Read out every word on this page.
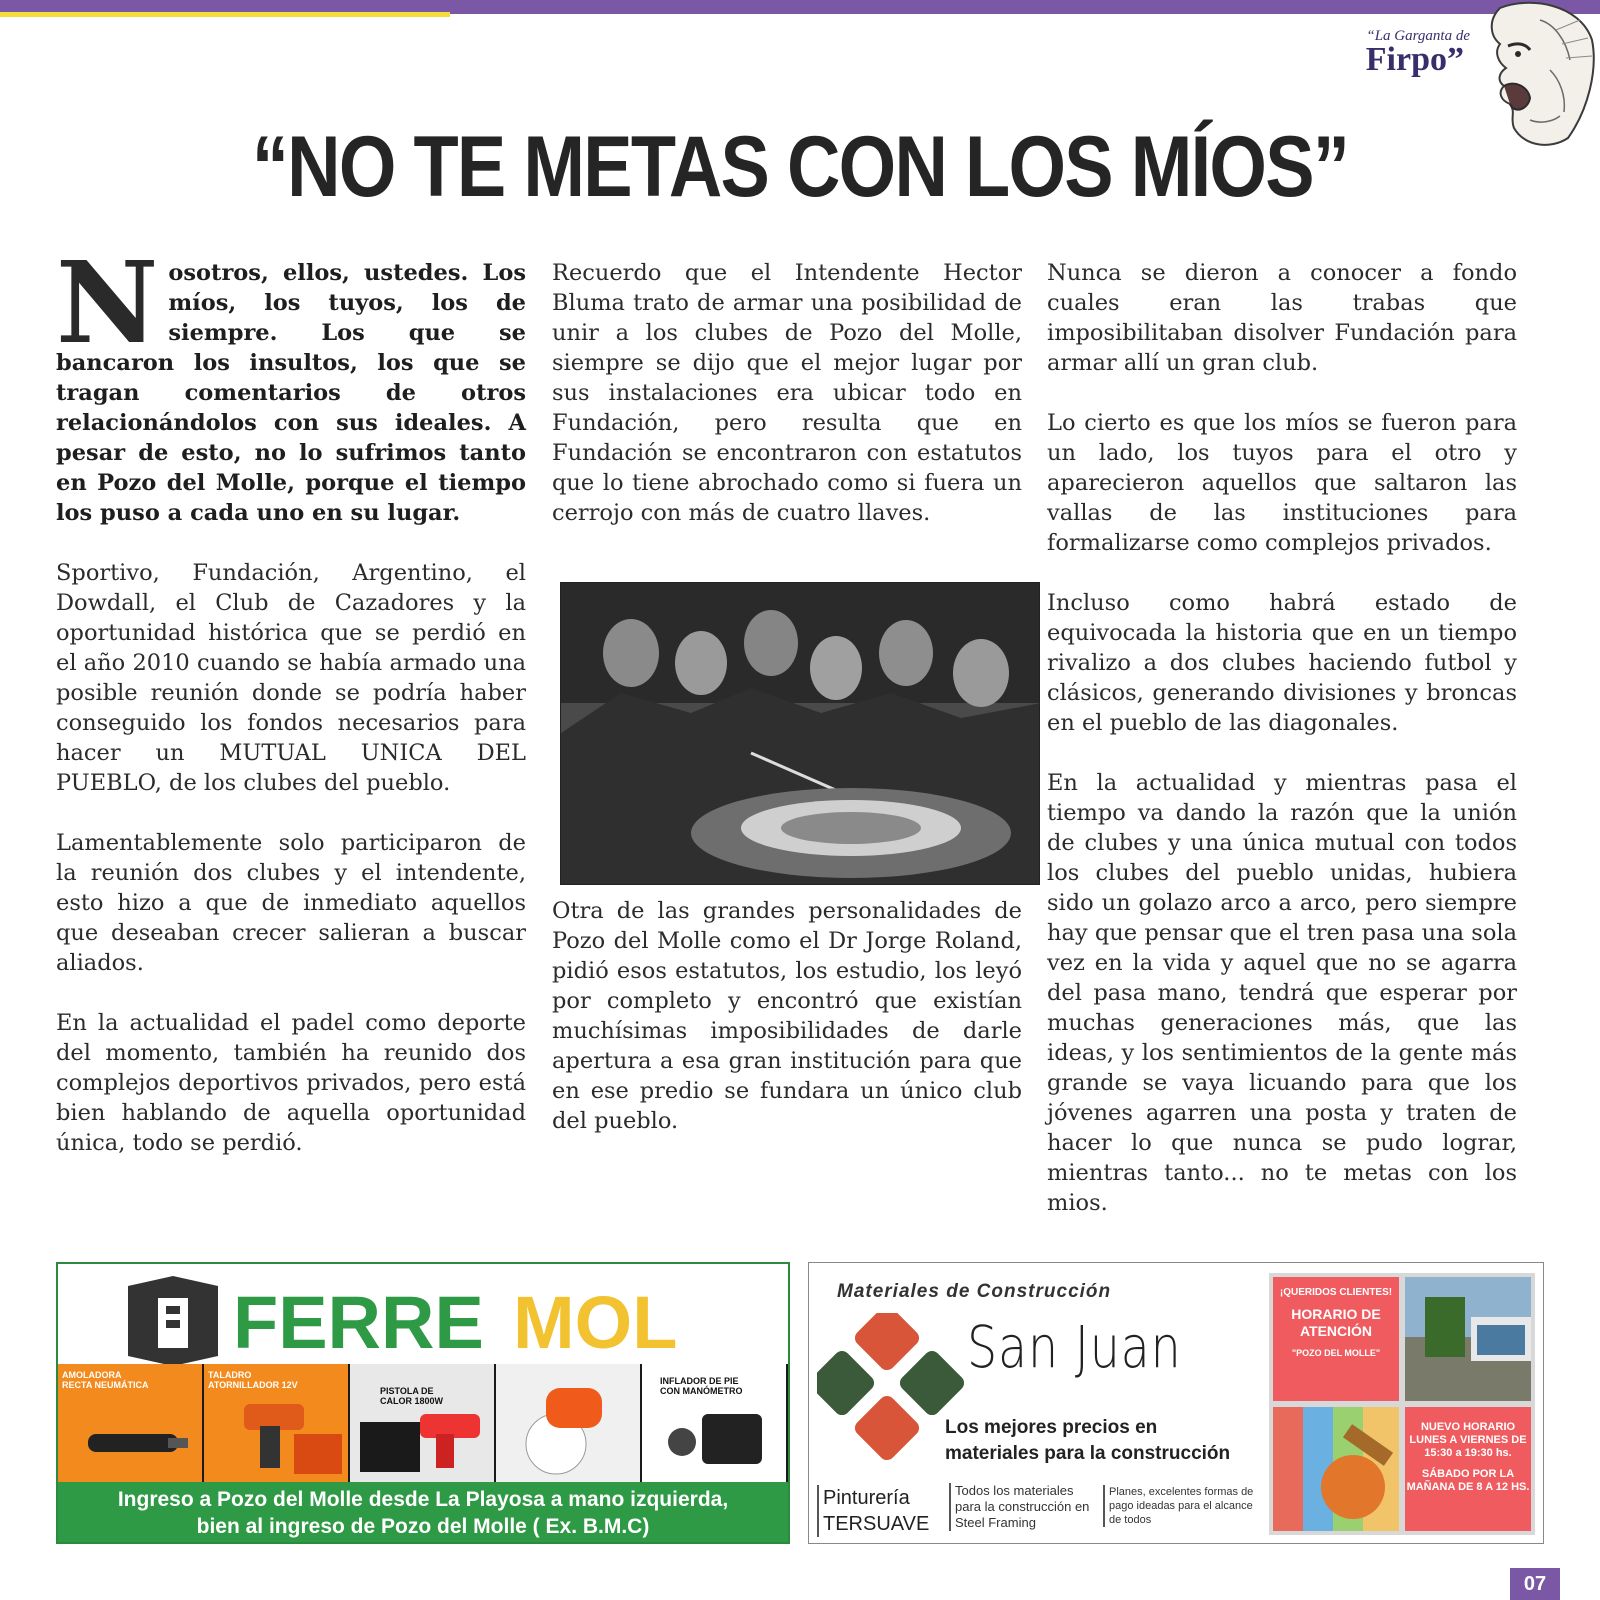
“La Garganta de
Firpo”
“NO TE METAS CON LOS MÍOS”

Nosotros, ellos, ustedes. Los míos, los tuyos, los de siempre. Los que se bancaron los insultos, los que se tragan comentarios de otros relacionándolos con sus ideales. A pesar de esto, no lo sufrimos tanto en Pozo del Molle, porque el tiempo los puso a cada uno en su lugar.

Sportivo, Fundación, Argentino, el Dowdall, el Club de Cazadores y la oportunidad histórica que se perdió en el año 2010 cuando se había armado una posible reunión donde se podría haber conseguido los fondos necesarios para hacer un MUTUAL UNICA DEL PUEBLO, de los clubes del pueblo.

Lamentablemente solo participaron de la reunión dos clubes y el intendente, esto hizo a que de inmediato aquellos que deseaban crecer salieran a buscar aliados.

En la actualidad el padel como deporte del momento, también ha reunido dos complejos deportivos privados, pero está bien hablando de aquella oportunidad única, todo se perdió.

Recuerdo que el Intendente Hector Bluma trato de armar una posibilidad de unir a los clubes de Pozo del Molle, siempre se dijo que el mejor lugar por sus instalaciones era ubicar todo en Fundación, pero resulta que en Fundación se encontraron con estatutos que lo tiene abrochado como si fuera un cerrojo con más de cuatro llaves.

Otra de las grandes personalidades de Pozo del Molle como el Dr Jorge Roland, pidió esos estatutos, los estudio, los leyó por completo y encontró que existían muchísimas imposibilidades de darle apertura a esa gran institución para que en ese predio se fundara un único club del pueblo.

Nunca se dieron a conocer a fondo cuales eran las trabas que imposibilitaban disolver Fundación para armar allí un gran club.

Lo cierto es que los míos se fueron para un lado, los tuyos para el otro y aparecieron aquellos que saltaron las vallas de las instituciones para formalizarse como complejos privados.

Incluso como habrá estado de equivocada la historia que en un tiempo rivalizo a dos clubes haciendo futbol y clásicos, generando divisiones y broncas en el pueblo de las diagonales.

En la actualidad y mientras pasa el tiempo va dando la razón que la unión de clubes y una única mutual con todos los clubes del pueblo unidas, hubiera sido un golazo arco a arco, pero siempre hay que pensar que el tren pasa una sola vez en la vida y aquel que no se agarra del pasa mano, tendrá que esperar por muchas generaciones más, que las ideas, y los sentimientos de la gente más grande se vaya licuando para que los jóvenes agarren una posta y traten de hacer lo que nunca se pudo lograr, mientras tanto... no te metas con los mios.

FERRE MOL
AMOLADORA
RECTA NEUMÁTICA
TALADRO
ATORNILLADOR 12V
PISTOLA DE
CALOR 1800W
INFLADOR DE PIE
CON MANÓMETRO
Ingreso a Pozo del Molle desde La Playosa a mano izquierda,
bien al ingreso de Pozo del Molle ( Ex. B.M.C)
Materiales de Construcción
San Juan
Los mejores precios en
materiales para la construcción
Pinturería
TERSUAVE
Todos los materiales para la construcción en Steel Framing
Planes, excelentes formas de pago ideadas para el alcance de todos
¡QUERIDOS CLIENTES!
HORARIO DE ATENCIÓN
"POZO DEL MOLLE"
NUEVO HORARIO LUNES A VIERNES DE 15:30 a 19:30 hs.
SÁBADO POR LA MAÑANA DE 8 A 12 HS.
07
